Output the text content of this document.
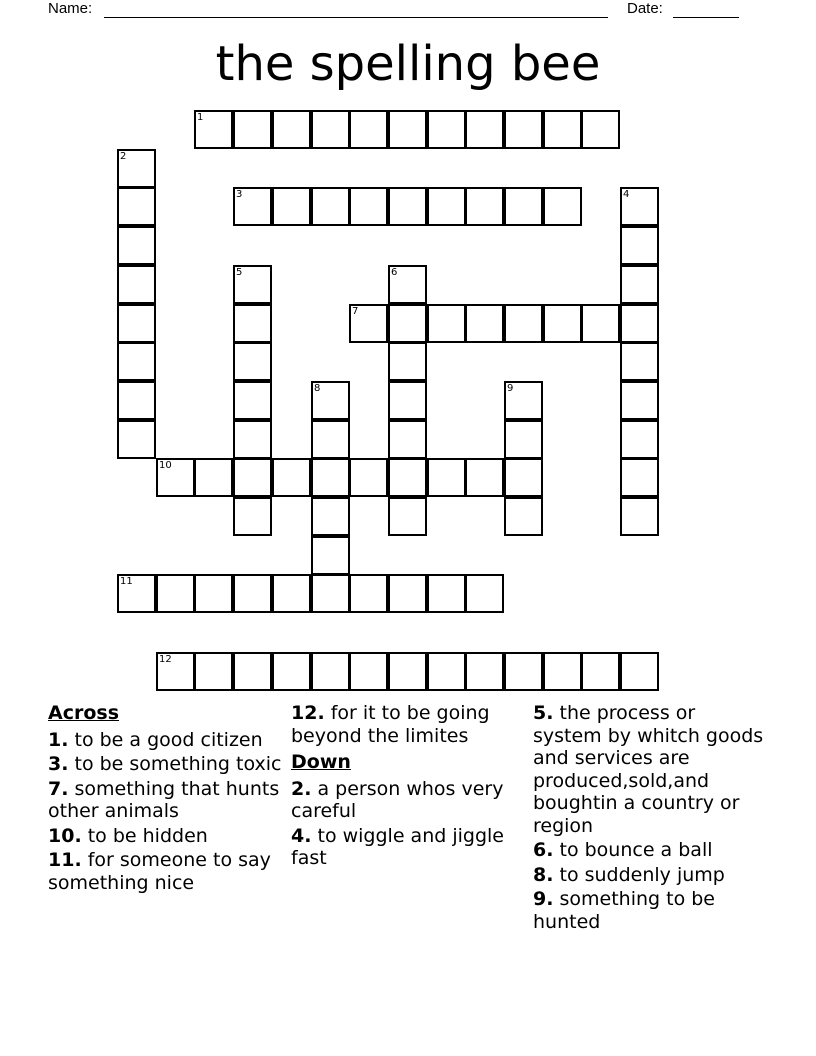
Name:	Date:
the spelling bee
1
2
3	4
5	6
7
8	9
10
11
12
Across
1. to be a good citizen
3. to be something toxic
7. something that hunts other animals
10. to be hidden
11. for someone to say something nice
12. for it to be going beyond the limites
Down
2. a person whos very careful
4. to wiggle and jiggle fast
5. the process or system by whitch goods and services are produced,sold,and boughtin a country or region
6. to bounce a ball
8. to suddenly jump
9. something to be hunted
